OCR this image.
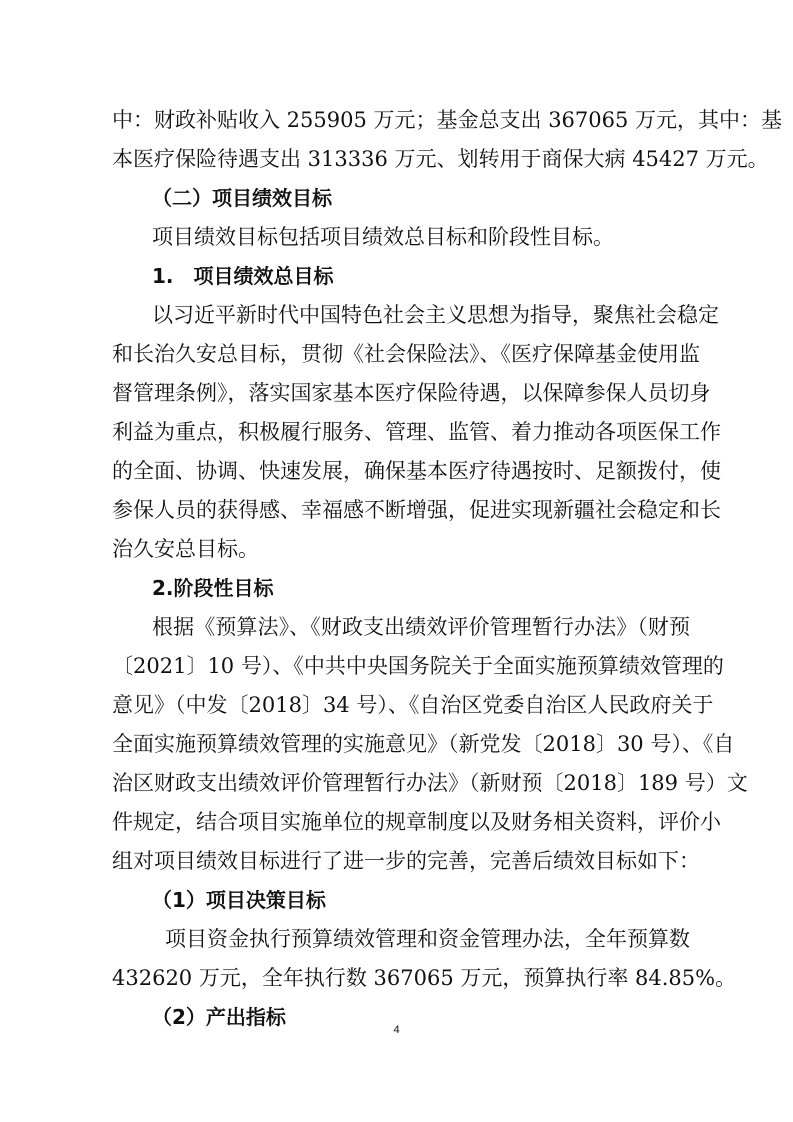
中：财政补贴收入 255905 万元；基金总支出 367065 万元，其中：基
本医疗保险待遇支出 313336 万元、划转用于商保大病 45427 万元。
（二）项目绩效目标
项目绩效目标包括项目绩效总目标和阶段性目标。
1.　项目绩效总目标
以习近平新时代中国特色社会主义思想为指导，聚焦社会稳定
和长治久安总目标，贯彻《社会保险法》、《医疗保障基金使用监
督管理条例》，落实国家基本医疗保险待遇，以保障参保人员切身
利益为重点，积极履行服务、管理、监管、着力推动各项医保工作
的全面、协调、快速发展，确保基本医疗待遇按时、足额拨付，使
参保人员的获得感、幸福感不断增强，促进实现新疆社会稳定和长
治久安总目标。
2.阶段性目标
根据《预算法》、《财政支出绩效评价管理暂行办法》（财预
〔2021〕10 号）、《中共中央国务院关于全面实施预算绩效管理的
意见》（中发〔2018〕34 号）、《自治区党委自治区人民政府关于
全面实施预算绩效管理的实施意见》（新党发〔2018〕30 号）、《自
治区财政支出绩效评价管理暂行办法》（新财预〔2018〕189 号）文
件规定，结合项目实施单位的规章制度以及财务相关资料，评价小
组对项目绩效目标进行了进一步的完善，完善后绩效目标如下：
（1）项目决策目标
项目资金执行预算绩效管理和资金管理办法，全年预算数
432620 万元，全年执行数 367065 万元，预算执行率 84.85%。
（2）产出指标
4
